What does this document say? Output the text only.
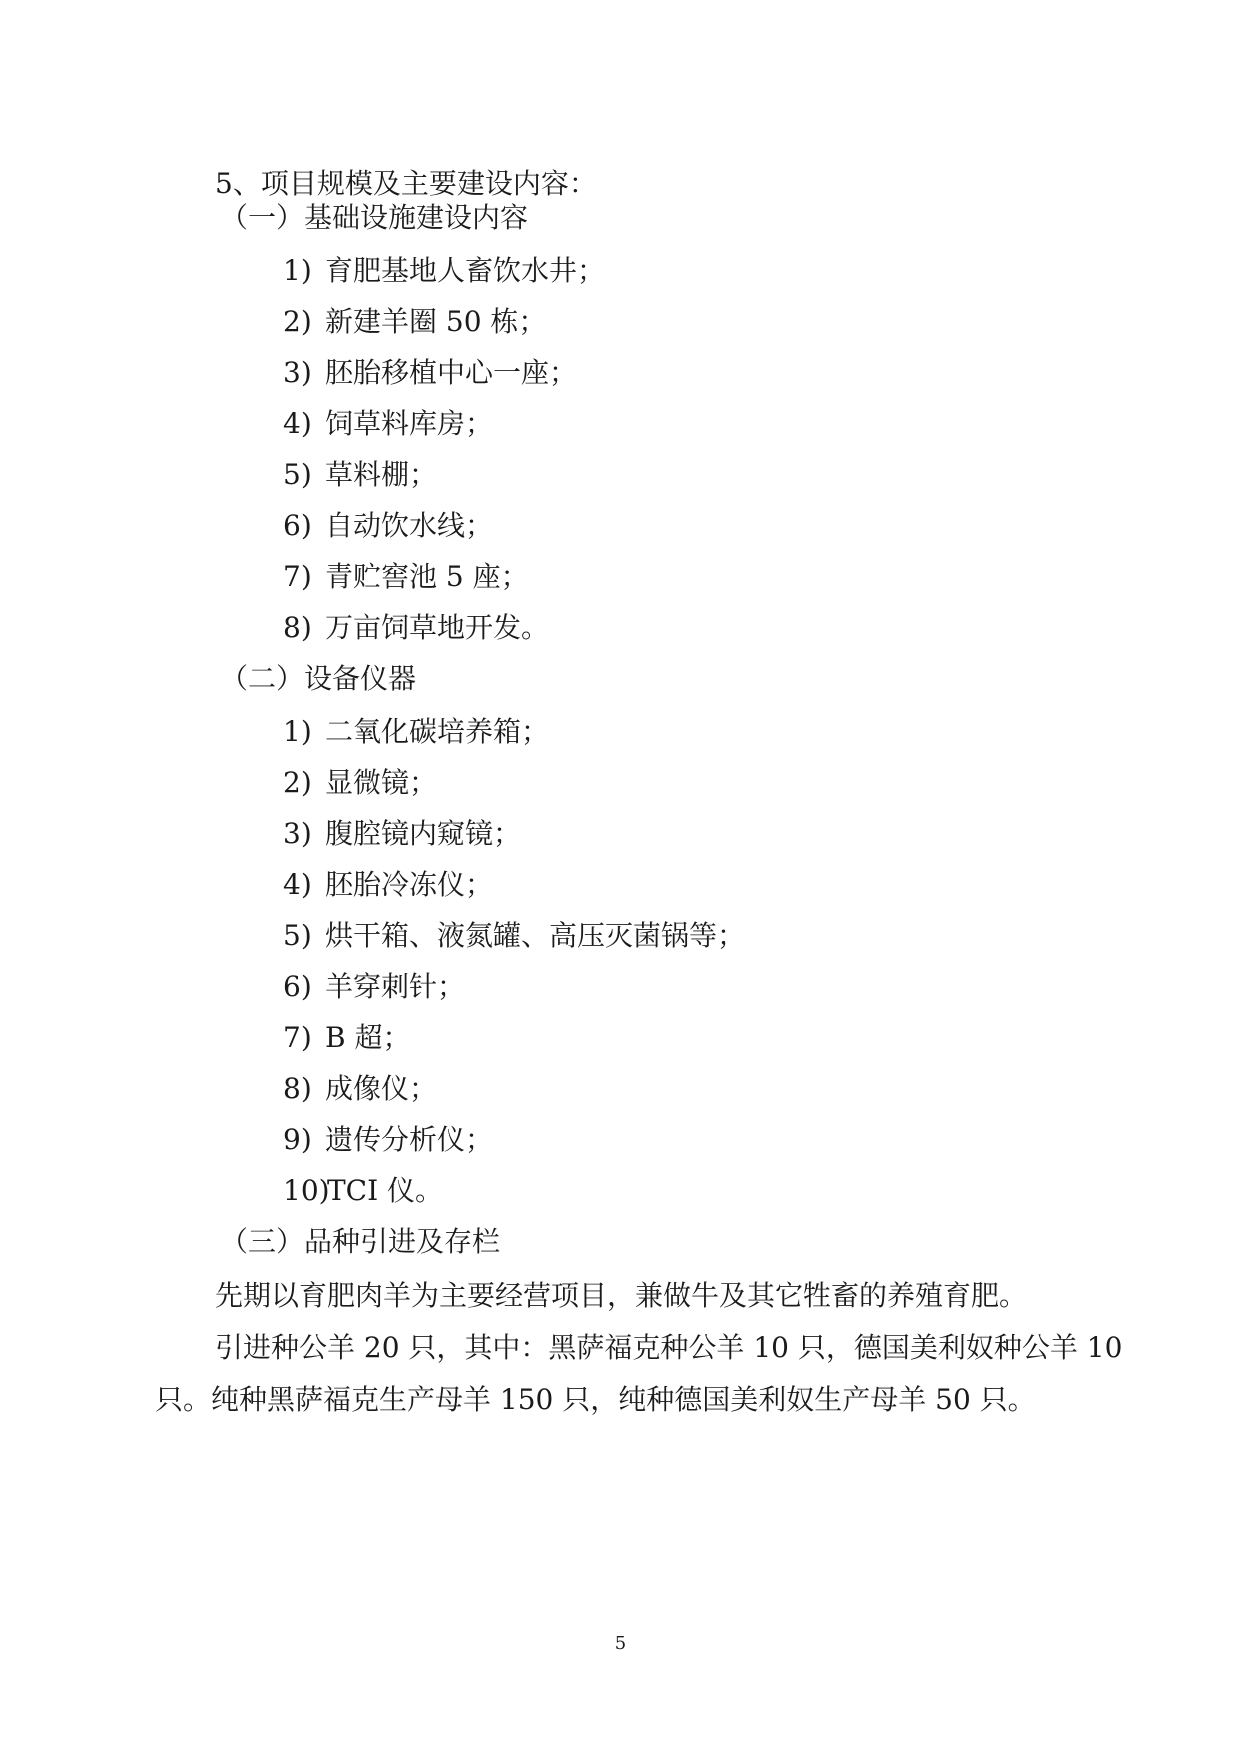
5、项目规模及主要建设内容：
（一）基础设施建设内容
1) 育肥基地人畜饮水井；
2) 新建羊圈 50 栋；
3) 胚胎移植中心一座；
4) 饲草料库房；
5) 草料棚；
6) 自动饮水线；
7) 青贮窖池 5 座；
8) 万亩饲草地开发。
（二）设备仪器
1) 二氧化碳培养箱；
2) 显微镜；
3) 腹腔镜内窥镜；
4) 胚胎冷冻仪；
5) 烘干箱、液氮罐、高压灭菌锅等；
6) 羊穿刺针；
7) B 超；
8) 成像仪；
9) 遗传分析仪；
10)TCI 仪。
（三）品种引进及存栏
先期以育肥肉羊为主要经营项目，兼做牛及其它牲畜的养殖育肥。
引进种公羊 20 只，其中：黑萨福克种公羊 10 只，德国美利奴种公羊 10
只。纯种黑萨福克生产母羊 150 只，纯种德国美利奴生产母羊 50 只。
5
